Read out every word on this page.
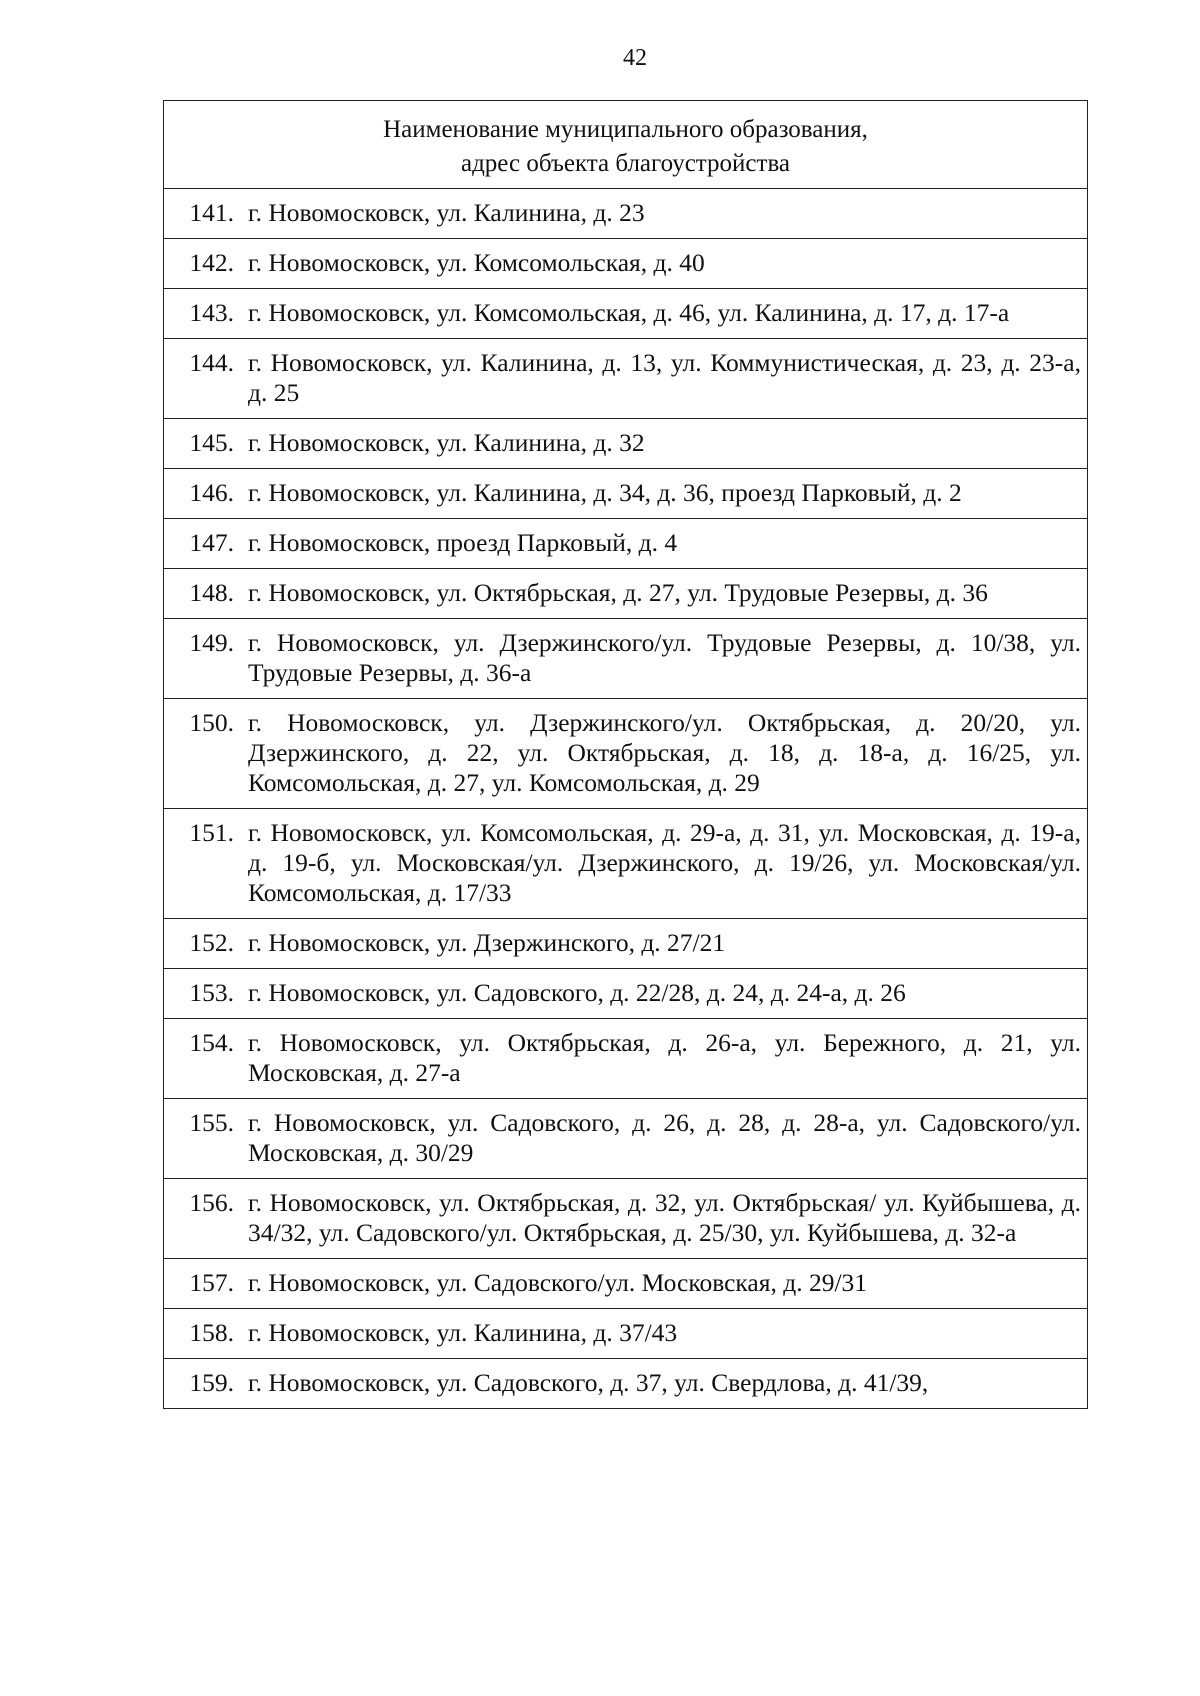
42
Наименование муниципального образования,
адрес объекта благоустройства
141. г. Новомосковск, ул. Калинина, д. 23
142. г. Новомосковск, ул. Комсомольская, д. 40
143. г. Новомосковск, ул. Комсомольская, д. 46, ул. Калинина, д. 17, д. 17-а
144. г. Новомосковск, ул. Калинина, д. 13, ул. Коммунистическая, д. 23, д. 23-а, д. 25
145. г. Новомосковск, ул. Калинина, д. 32
146. г. Новомосковск, ул. Калинина, д. 34, д. 36, проезд Парковый, д. 2
147. г. Новомосковск, проезд Парковый, д. 4
148. г. Новомосковск, ул. Октябрьская, д. 27, ул. Трудовые Резервы, д. 36
149. г. Новомосковск, ул. Дзержинского/ул. Трудовые Резервы, д. 10/38, ул. Трудовые Резервы, д. 36-а
150. г. Новомосковск, ул. Дзержинского/ул. Октябрьская, д. 20/20, ул. Дзержинского, д. 22, ул. Октябрьская, д. 18, д. 18-а, д. 16/25, ул. Комсомольская, д. 27, ул. Комсомольская, д. 29
151. г. Новомосковск, ул. Комсомольская, д. 29-а, д. 31, ул. Московская, д. 19-а, д. 19-б, ул. Московская/ул. Дзержинского, д. 19/26, ул. Московская/ул. Комсомольская, д. 17/33
152. г. Новомосковск, ул. Дзержинского, д. 27/21
153. г. Новомосковск, ул. Садовского, д. 22/28, д. 24, д. 24-а, д. 26
154. г. Новомосковск, ул. Октябрьская, д. 26-а, ул. Бережного, д. 21, ул. Московская, д. 27-а
155. г. Новомосковск, ул. Садовского, д. 26, д. 28, д. 28-а, ул. Садовского/ул. Московская, д. 30/29
156. г. Новомосковск, ул. Октябрьская, д. 32, ул. Октябрьская/ ул. Куйбышева, д. 34/32, ул. Садовского/ул. Октябрьская, д. 25/30, ул. Куйбышева, д. 32-а
157. г. Новомосковск, ул. Садовского/ул. Московская, д. 29/31
158. г. Новомосковск, ул. Калинина, д. 37/43
159. г. Новомосковск, ул. Садовского, д. 37, ул. Свердлова, д. 41/39,
